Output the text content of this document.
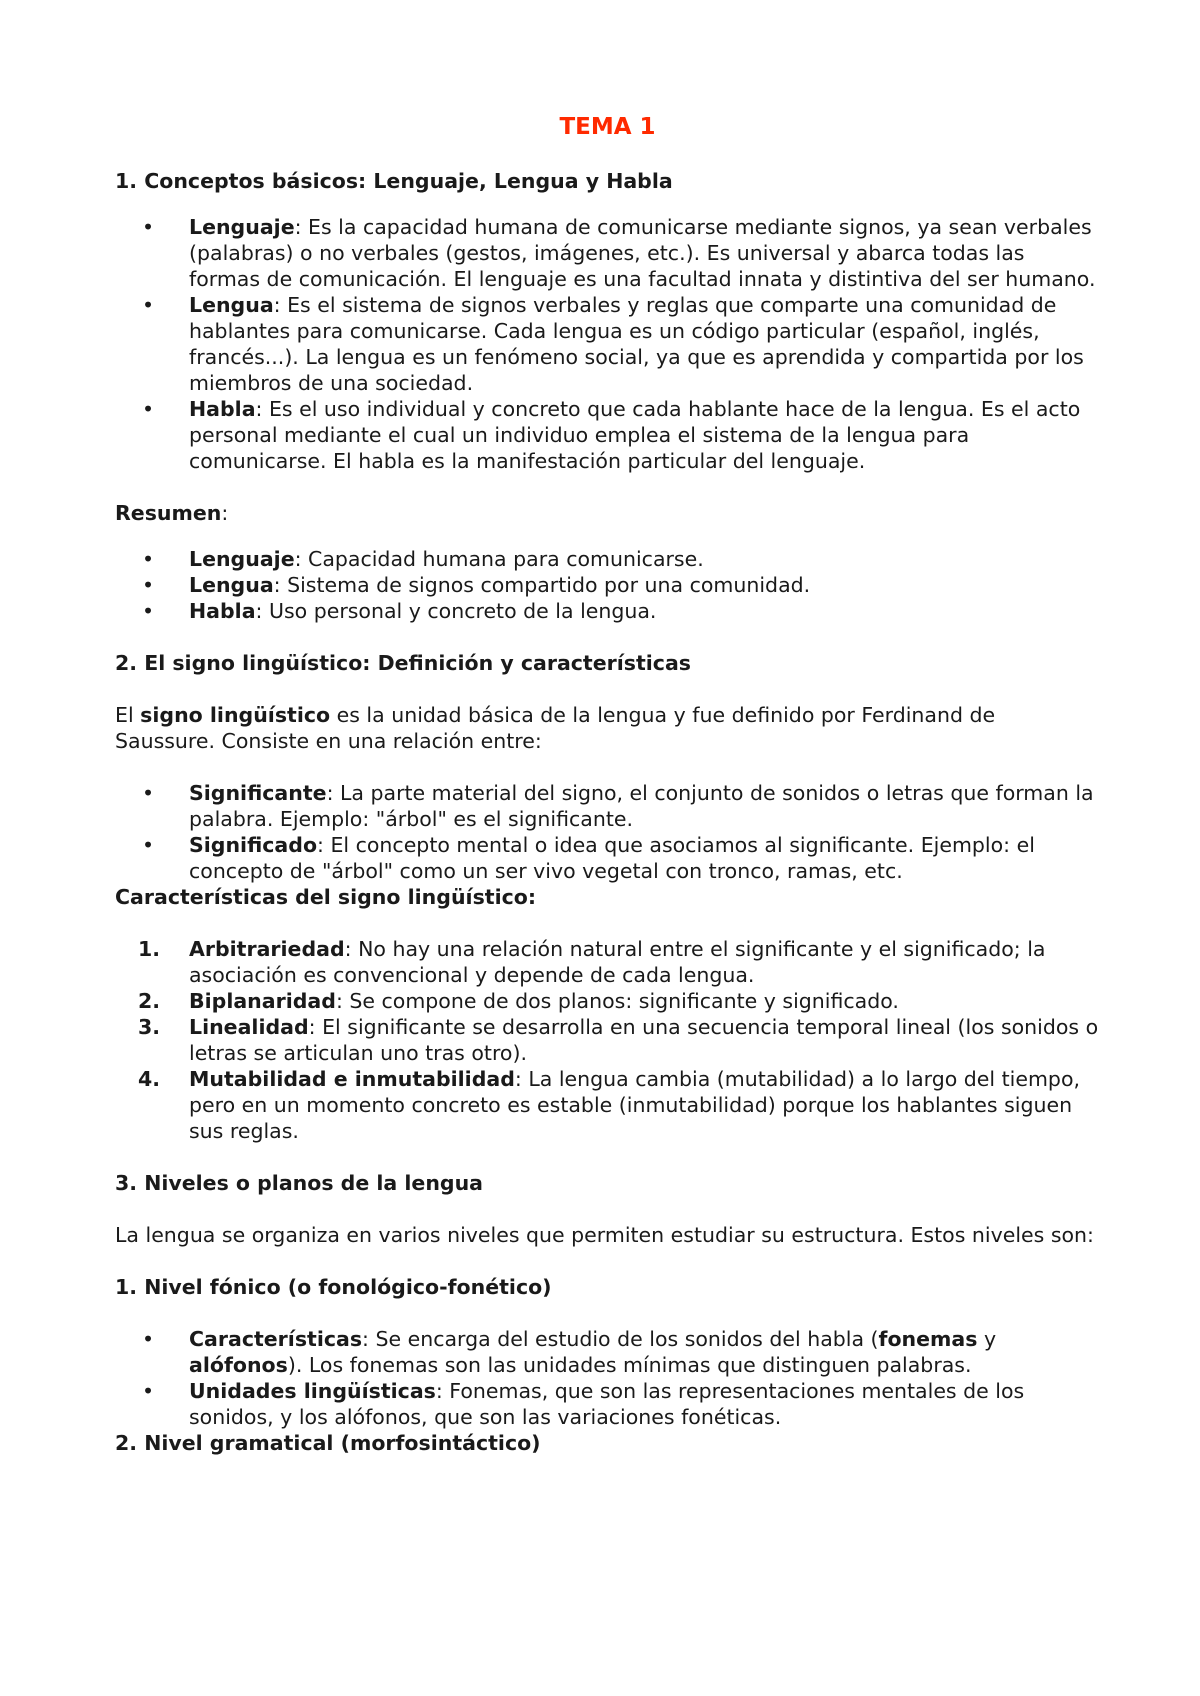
TEMA 1
1. Conceptos básicos: Lenguaje, Lengua y Habla
• Lenguaje: Es la capacidad humana de comunicarse mediante signos, ya sean verbales (palabras) o no verbales (gestos, imágenes, etc.). Es universal y abarca todas las formas de comunicación. El lenguaje es una facultad innata y distintiva del ser humano.
• Lengua: Es el sistema de signos verbales y reglas que comparte una comunidad de hablantes para comunicarse. Cada lengua es un código particular (español, inglés, francés...). La lengua es un fenómeno social, ya que es aprendida y compartida por los miembros de una sociedad.
• Habla: Es el uso individual y concreto que cada hablante hace de la lengua. Es el acto personal mediante el cual un individuo emplea el sistema de la lengua para comunicarse. El habla es la manifestación particular del lenguaje.

Resumen:

• Lenguaje: Capacidad humana para comunicarse.
• Lengua: Sistema de signos compartido por una comunidad.
• Habla: Uso personal y concreto de la lengua.
2. El signo lingüístico: Definición y características

El signo lingüístico es la unidad básica de la lengua y fue definido por Ferdinand de Saussure. Consiste en una relación entre:

• Significante: La parte material del signo, el conjunto de sonidos o letras que forman la palabra. Ejemplo: "árbol" es el significante.
• Significado: El concepto mental o idea que asociamos al significante. Ejemplo: el concepto de "árbol" como un ser vivo vegetal con tronco, ramas, etc.

Características del signo lingüístico:

1. Arbitrariedad: No hay una relación natural entre el significante y el significado; la asociación es convencional y depende de cada lengua.
2. Biplanaridad: Se compone de dos planos: significante y significado.
3. Linealidad: El significante se desarrolla en una secuencia temporal lineal (los sonidos o letras se articulan uno tras otro).
4. Mutabilidad e inmutabilidad: La lengua cambia (mutabilidad) a lo largo del tiempo, pero en un momento concreto es estable (inmutabilidad) porque los hablantes siguen sus reglas.
3. Niveles o planos de la lengua

La lengua se organiza en varios niveles que permiten estudiar su estructura. Estos niveles son:

1. Nivel fónico (o fonológico-fonético)
• Características: Se encarga del estudio de los sonidos del habla (fonemas y alófonos). Los fonemas son las unidades mínimas que distinguen palabras.
• Unidades lingüísticas: Fonemas, que son las representaciones mentales de los sonidos, y los alófonos, que son las variaciones fonéticas.
2. Nivel gramatical (morfosintáctico)
